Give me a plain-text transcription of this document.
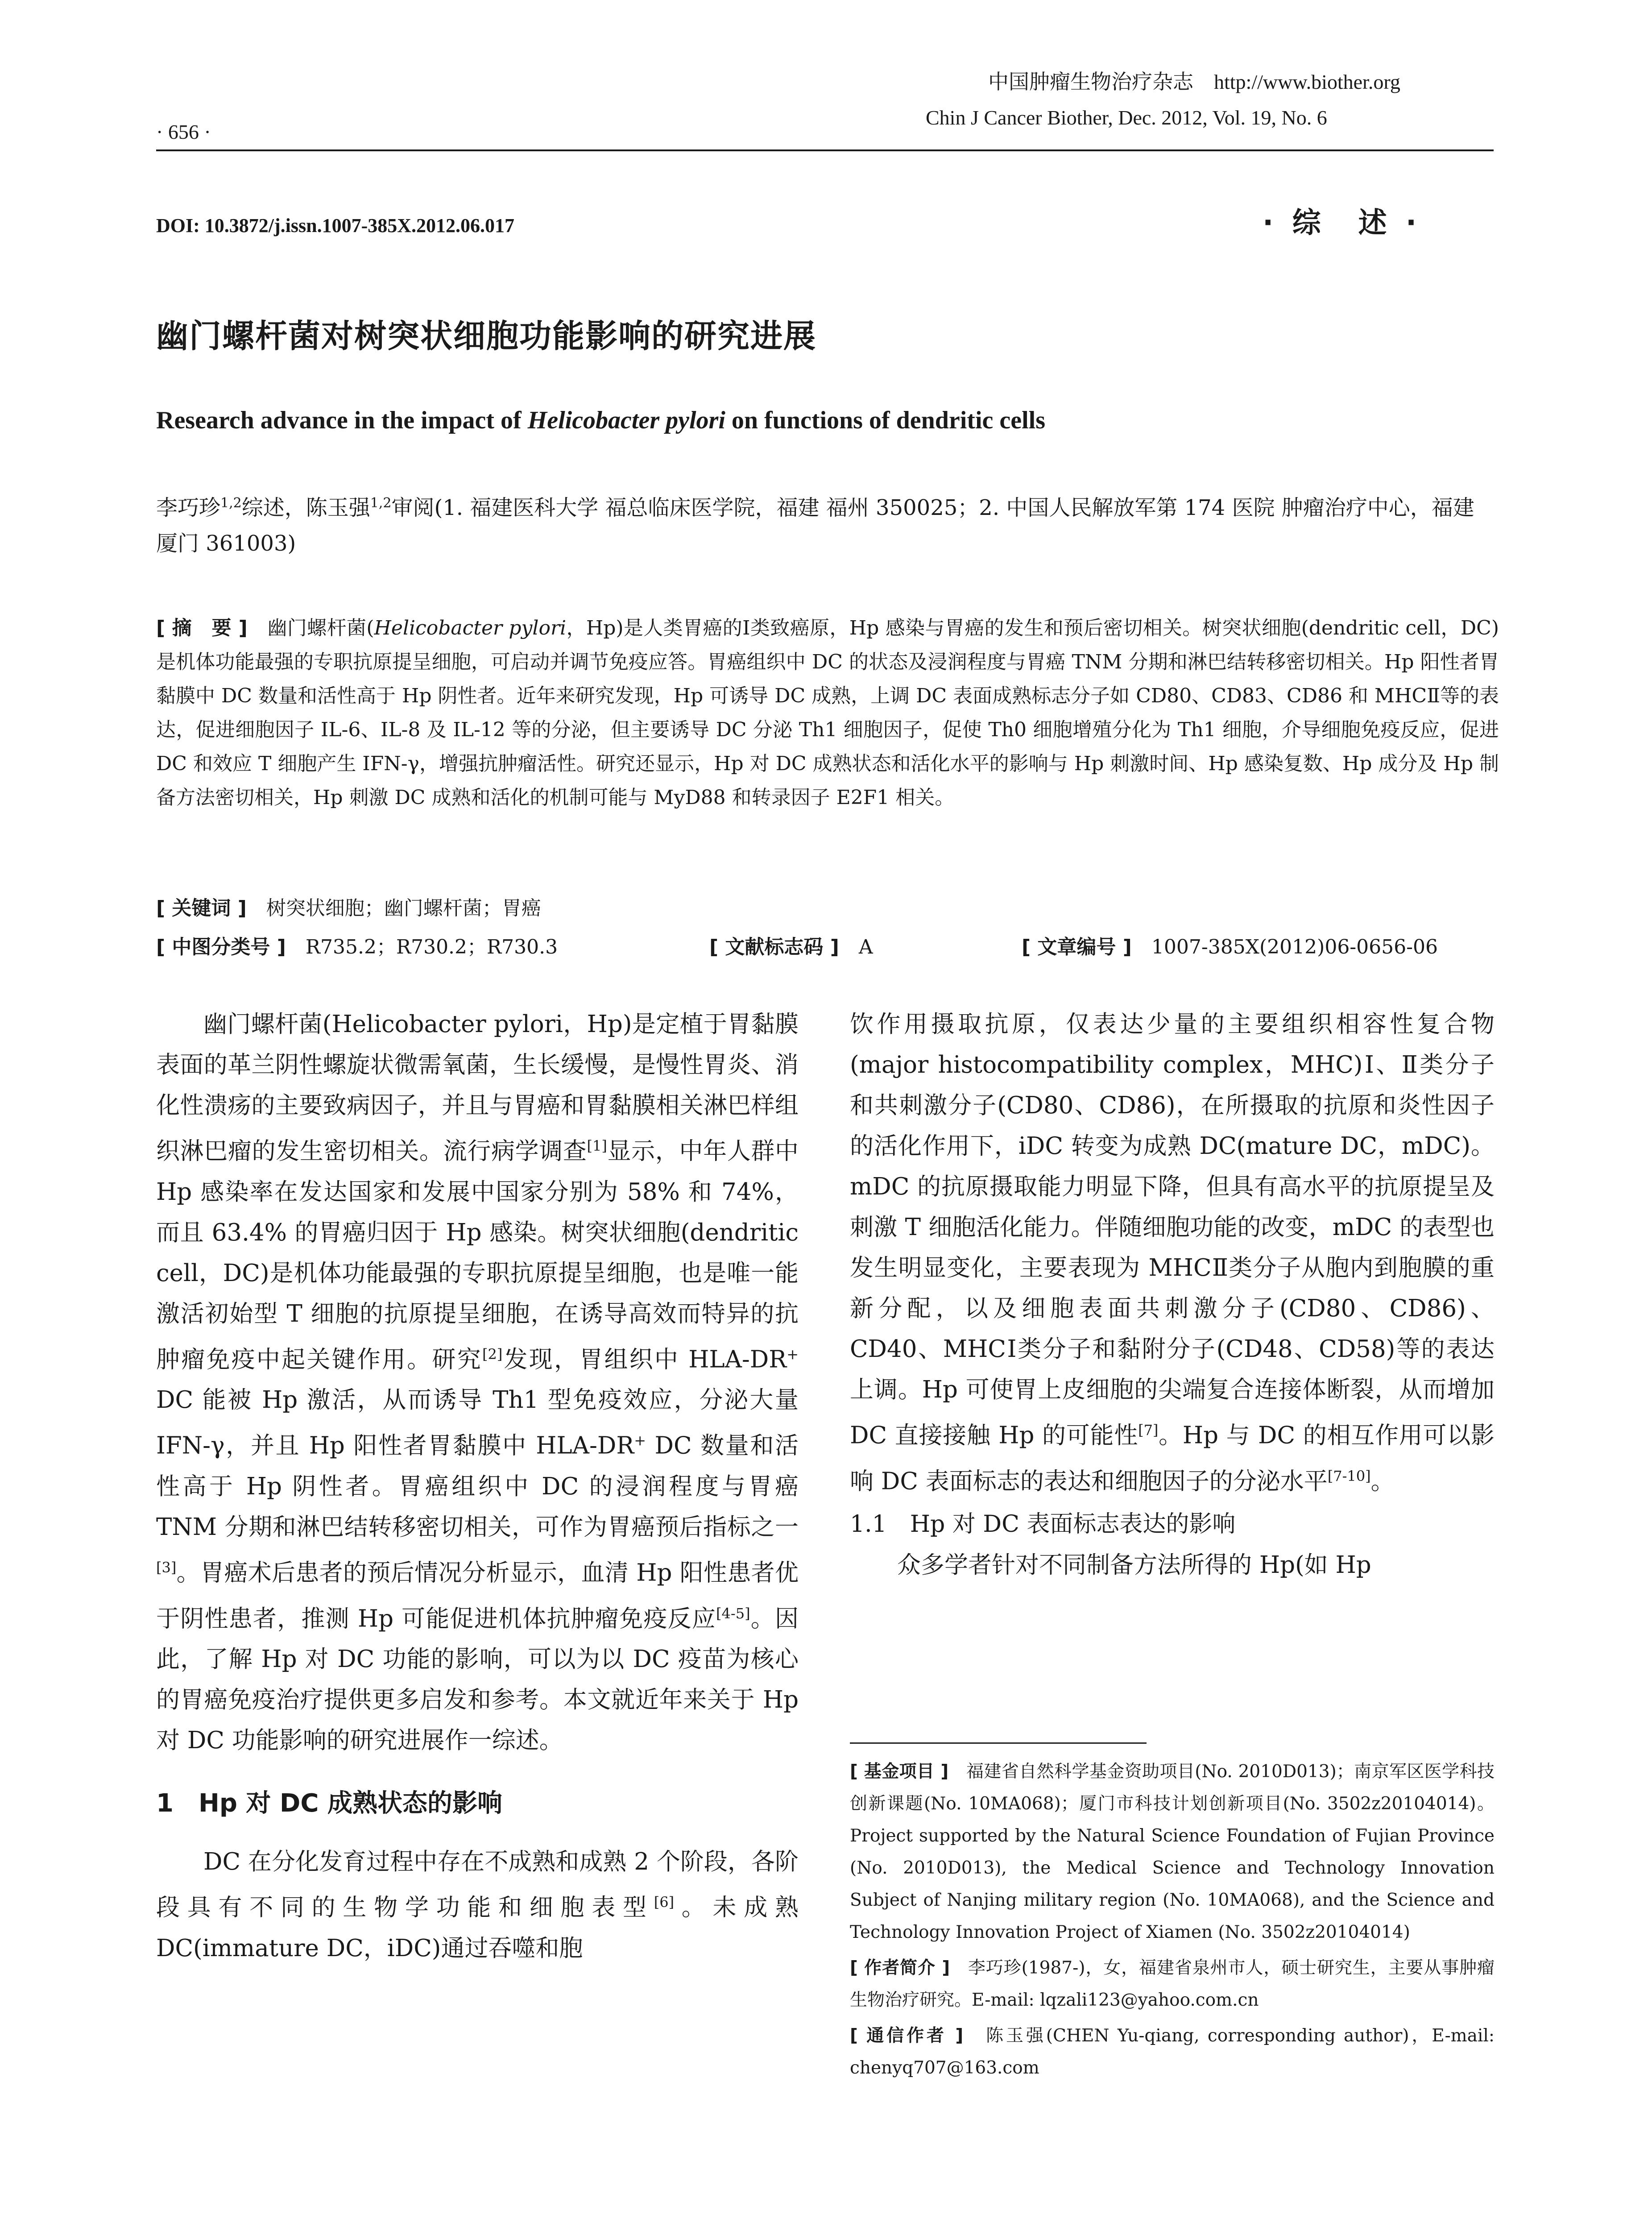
中国肿瘤生物治疗杂志　http://www.biother.org
Chin J Cancer Biother, Dec. 2012, Vol. 19, No. 6
· 656 ·
DOI: 10.3872/j.issn.1007-385X.2012.06.017	· 综　述 ·
幽门螺杆菌对树突状细胞功能影响的研究进展
Research advance in the impact of Helicobacter pylori on functions of dendritic cells
李巧珍$^{1,2}$综述，陈玉强$^{1,2}$审阅(1. 福建医科大学 福总临床医学院，福建 福州 350025；2. 中国人民解放军第 174 医院 肿瘤治疗中心，福建 厦门 361003)
[ 摘　要 ]　 幽门螺杆菌(Helicobacter pylori，Hp)是人类胃癌的Ⅰ类致癌原，Hp 感染与胃癌的发生和预后密切相关。树突状细胞(dendritic cell，DC)是机体功能最强的专职抗原提呈细胞，可启动并调节免疫应答。胃癌组织中 DC 的状态及浸润程度与胃癌 TNM 分期和淋巴结转移密切相关。Hp 阳性者胃黏膜中 DC 数量和活性高于 Hp 阴性者。近年来研究发现，Hp 可诱导 DC 成熟，上调 DC 表面成熟标志分子如 CD80、CD83、CD86 和 MHCⅡ等的表达，促进细胞因子 IL-6、IL-8 及 IL-12 等的分泌，但主要诱导 DC 分泌 Th1 细胞因子，促使 Th0 细胞增殖分化为 Th1 细胞，介导细胞免疫反应，促进 DC 和效应 T 细胞产生 IFN-γ，增强抗肿瘤活性。研究还显示，Hp 对 DC 成熟状态和活化水平的影响与 Hp 刺激时间、Hp 感染复数、Hp 成分及 Hp 制备方法密切相关，Hp 刺激 DC 成熟和活化的机制可能与 MyD88 和转录因子 E2F1 相关。
[ 关键词 ]　 树突状细胞；幽门螺杆菌；胃癌
[ 中图分类号 ]　 R735.2；R730.2；R730.3	[ 文献标志码 ]　 A	[ 文章编号 ]　 1007-385X(2012)06-0656-06

幽门螺杆菌(Helicobacter pylori，Hp)是定植于胃黏膜表面的革兰阴性螺旋状微需氧菌，生长缓慢，是慢性胃炎、消化性溃疡的主要致病因子，并且与胃癌和胃黏膜相关淋巴样组织淋巴瘤的发生密切相关。流行病学调查[1]显示，中年人群中 Hp 感染率在发达国家和发展中国家分别为 58% 和 74%，而且 63.4% 的胃癌归因于 Hp 感染。树突状细胞(dendritic cell，DC)是机体功能最强的专职抗原提呈细胞，也是唯一能激活初始型 T 细胞的抗原提呈细胞，在诱导高效而特异的抗肿瘤免疫中起关键作用。研究[2]发现，胃组织中 HLA-DR+ DC 能被 Hp 激活，从而诱导 Th1 型免疫效应，分泌大量 IFN-γ，并且 Hp 阳性者胃黏膜中 HLA-DR+ DC 数量和活性高于 Hp 阴性者。胃癌组织中 DC 的浸润程度与胃癌 TNM 分期和淋巴结转移密切相关，可作为胃癌预后指标之一[3]。胃癌术后患者的预后情况分析显示，血清 Hp 阳性患者优于阴性患者，推测 Hp 可能促进机体抗肿瘤免疫反应[4-5]。因此，了解 Hp 对 DC 功能的影响，可以为以 DC 疫苗为核心的胃癌免疫治疗提供更多启发和参考。本文就近年来关于 Hp 对 DC 功能影响的研究进展作一综述。

1　Hp 对 DC 成熟状态的影响

DC 在分化发育过程中存在不成熟和成熟 2 个阶段，各阶段具有不同的生物学功能和细胞表型[6]。未成熟 DC(immature DC，iDC)通过吞噬和胞

饮作用摄取抗原，仅表达少量的主要组织相容性复合物(major histocompatibility complex，MHC)Ⅰ、Ⅱ类分子和共刺激分子(CD80、CD86)，在所摄取的抗原和炎性因子的活化作用下，iDC 转变为成熟 DC(mature DC，mDC)。mDC 的抗原摄取能力明显下降，但具有高水平的抗原提呈及刺激 T 细胞活化能力。伴随细胞功能的改变，mDC 的表型也发生明显变化，主要表现为 MHCⅡ类分子从胞内到胞膜的重新分配，以及细胞表面共刺激分子(CD80、CD86)、CD40、MHCⅠ类分子和黏附分子(CD48、CD58)等的表达上调。Hp 可使胃上皮细胞的尖端复合连接体断裂，从而增加 DC 直接接触 Hp 的可能性[7]。Hp 与 DC 的相互作用可以影响 DC 表面标志的表达和细胞因子的分泌水平[7-10]。

1.1　Hp 对 DC 表面标志表达的影响

众多学者针对不同制备方法所得的 Hp(如 Hp

[ 基金项目 ]　 福建省自然科学基金资助项目(No. 2010D013)；南京军区医学科技创新课题(No. 10MA068)；厦门市科技计划创新项目(No. 3502z20104014)。Project supported by the Natural Science Foundation of Fujian Province (No. 2010D013), the Medical Science and Technology Innovation Subject of Nanjing military region (No. 10MA068), and the Science and Technology Innovation Project of Xiamen (No. 3502z20104014)

[ 作者简介 ]　 李巧珍(1987-)，女，福建省泉州市人，硕士研究生，主要从事肿瘤生物治疗研究。E-mail: lqzali123@yahoo.com.cn

[ 通信作者 ]　 陈玉强(CHEN Yu-qiang, corresponding author)，E-mail: chenyq707@163.com
